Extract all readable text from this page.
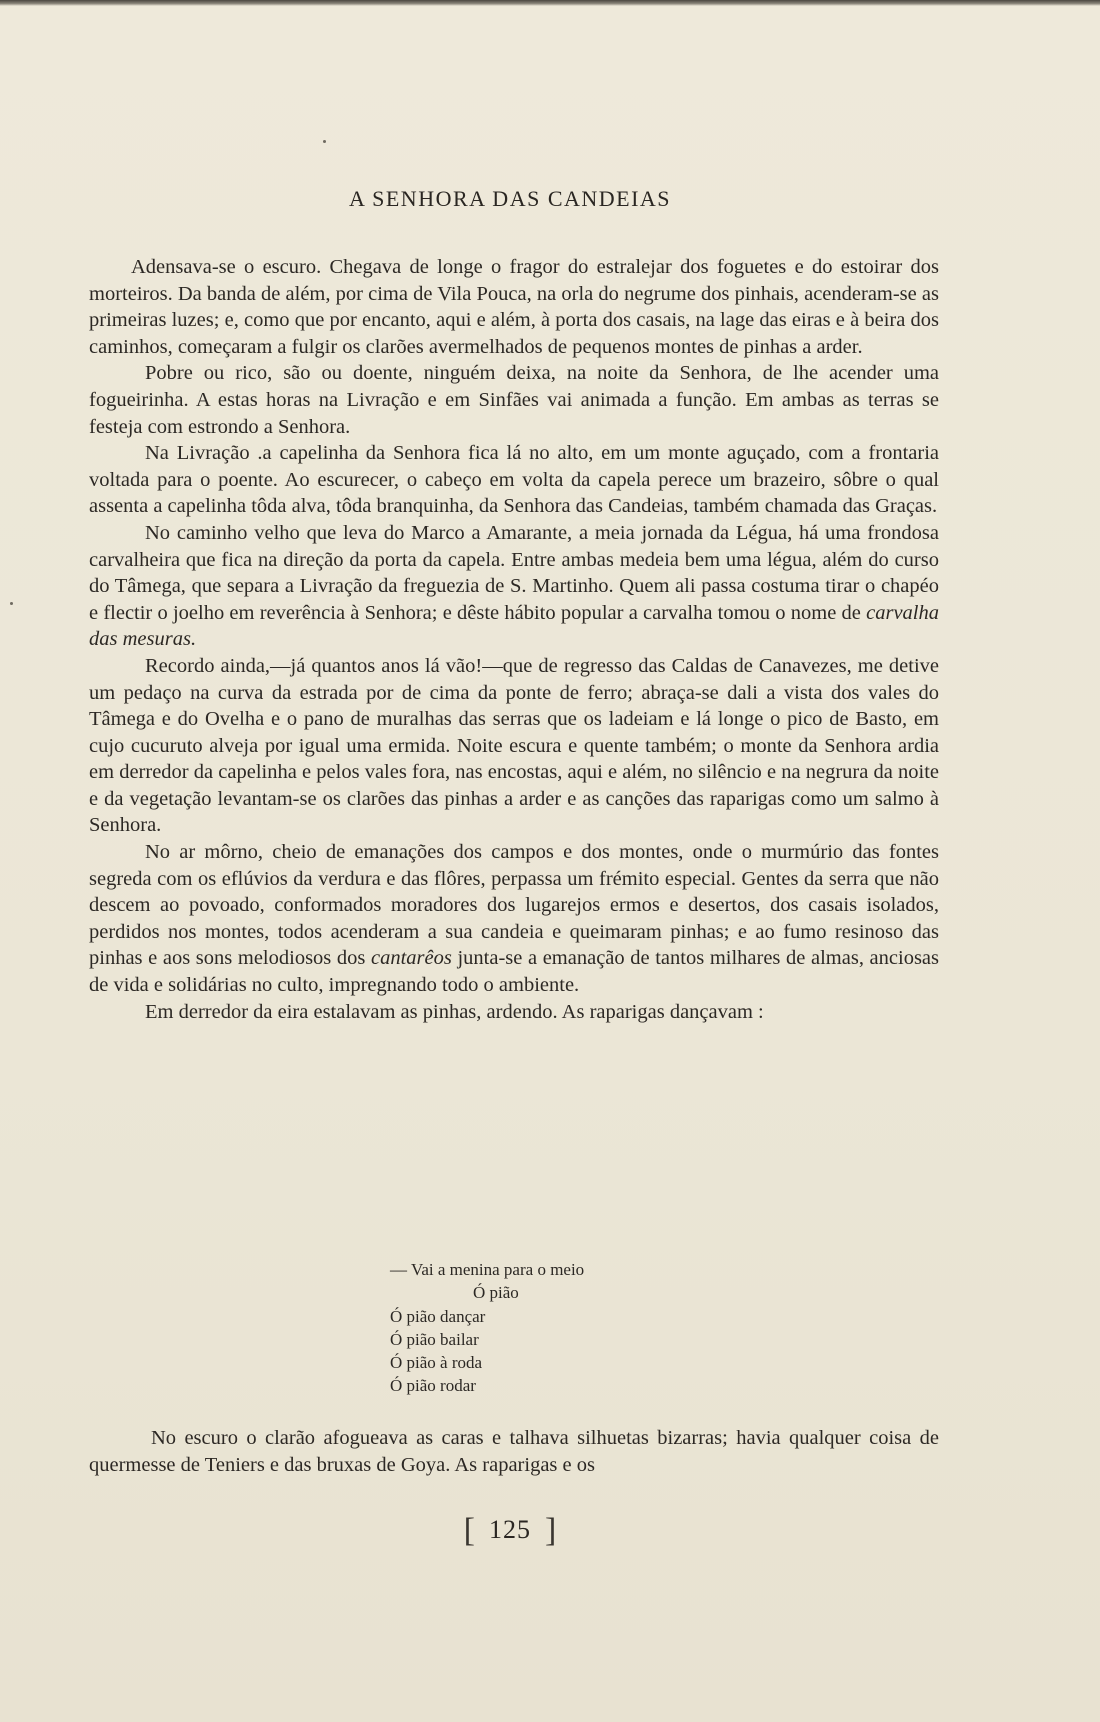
A SENHORA DAS CANDEIAS

Adensava-se o escuro. Chegava de longe o fragor do estralejar dos foguetes e do estoirar dos morteiros. Da banda de além, por cima de Vila Pouca, na orla do negrume dos pinhais, acenderam-se as primeiras luzes; e, como que por encanto, aqui e além, à porta dos casais, na lage das eiras e à beira dos caminhos, começaram a fulgir os clarões avermelhados de pequenos montes de pinhas a arder.

Pobre ou rico, são ou doente, ninguém deixa, na noite da Senhora, de lhe acender uma fogueirinha. A estas horas na Livração e em Sinfães vai animada a função. Em ambas as terras se festeja com estrondo a Senhora.

Na Livração .a capelinha da Senhora fica lá no alto, em um monte aguçado, com a frontaria voltada para o poente. Ao escurecer, o cabeço em volta da capela perece um brazeiro, sôbre o qual assenta a capelinha tôda alva, tôda branquinha, da Senhora das Candeias, também chamada das Graças.

No caminho velho que leva do Marco a Amarante, a meia jornada da Légua, há uma frondosa carvalheira que fica na direção da porta da capela. Entre ambas medeia bem uma légua, além do curso do Tâmega, que separa a Livração da freguezia de S. Martinho. Quem ali passa costuma tirar o chapéo e flectir o joelho em reverência à Senhora; e dêste hábito popular a carvalha tomou o nome de carvalha das mesuras.

Recordo ainda,—já quantos anos lá vão!—que de regresso das Caldas de Canavezes, me detive um pedaço na curva da estrada por de cima da ponte de ferro; abraça-se dali a vista dos vales do Tâmega e do Ovelha e o pano de muralhas das serras que os ladeiam e lá longe o pico de Basto, em cujo cucuruto alveja por igual uma ermida. Noite escura e quente também; o monte da Senhora ardia em derredor da capelinha e pelos vales fora, nas encostas, aqui e além, no silêncio e na negrura da noite e da vegetação levantam-se os clarões das pinhas a arder e as canções das raparigas como um salmo à Senhora.

No ar môrno, cheio de emanações dos campos e dos montes, onde o murmúrio das fontes segreda com os eflúvios da verdura e das flôres, perpassa um frémito especial. Gentes da serra que não descem ao povoado, conformados moradores dos lugarejos ermos e desertos, dos casais isolados, perdidos nos montes, todos acenderam a sua candeia e queimaram pinhas; e ao fumo resinoso das pinhas e aos sons melodiosos dos cantarêos junta-se a emanação de tantos milhares de almas, anciosas de vida e solidárias no culto, impregnando todo o ambiente.

Em derredor da eira estalavam as pinhas, ardendo. As raparigas dançavam :

— Vai a menina para o meio
Ó pião
Ó pião dançar
Ó pião bailar
Ó pião à roda
Ó pião rodar

No escuro o clarão afogueava as caras e talhava silhuetas bizarras; havia qualquer coisa de quermesse de Teniers e das bruxas de Goya. As raparigas e os

[ 125 ]
